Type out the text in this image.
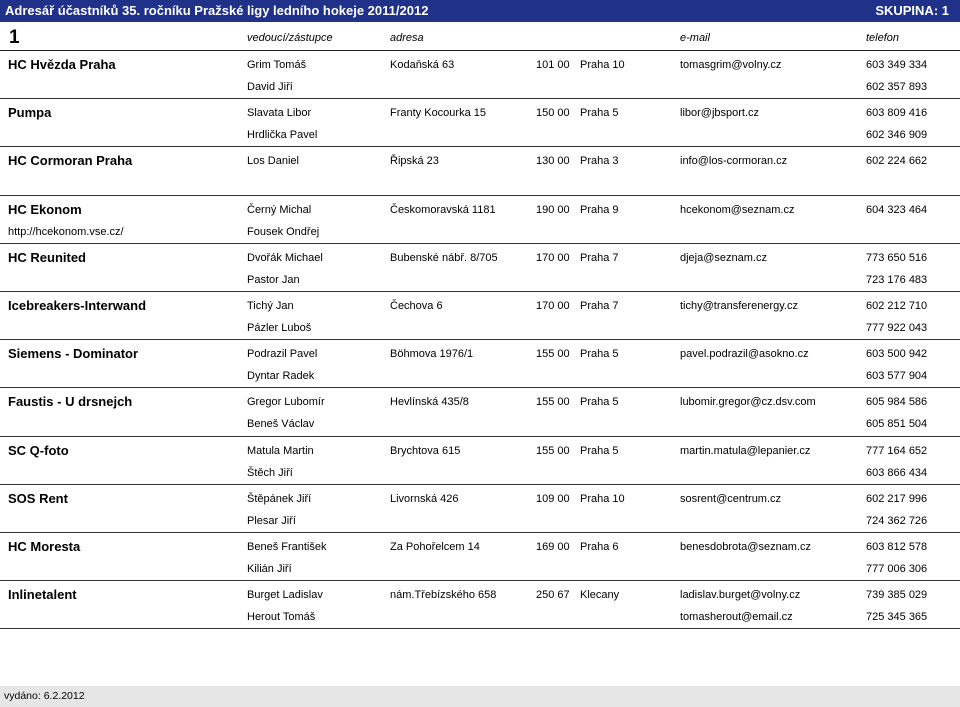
Adresář účastníků 35. ročníku Pražské ligy ledního hokeje 2011/2012	SKUPINA: 1
1	vedoucí/zástupce	adresa	e-mail	telefon
HC Hvězda Praha	Grim Tomáš	Kodaňská 63	101 00 Praha 10	tomasgrim@volny.cz	603 349 334
David Jiří	602 357 893
Pumpa	Slavata Libor	Franty Kocourka 15	150 00 Praha 5	libor@jbsport.cz	603 809 416
Hrdlička Pavel	602 346 909
HC Cormoran Praha	Los Daniel	Řipská 23	130 00 Praha 3	info@los-cormoran.cz	602 224 662
HC Ekonom	Černý Michal	Českomoravská 1181	190 00 Praha 9	hcekonom@seznam.cz	604 323 464
http://hcekonom.vse.cz/	Fousek Ondřej
HC Reunited	Dvořák Michael	Bubenské nábř. 8/705	170 00 Praha 7	djeja@seznam.cz	773 650 516
Pastor Jan	723 176 483
Icebreakers-Interwand	Tichý Jan	Čechova 6	170 00 Praha 7	tichy@transferenergy.cz	602 212 710
Pázler Luboš	777 922 043
Siemens - Dominator	Podrazil Pavel	Böhmova 1976/1	155 00 Praha 5	pavel.podrazil@asokno.cz	603 500 942
Dyntar Radek	603 577 904
Faustis - U drsnejch	Gregor Lubomír	Hevlínská 435/8	155 00 Praha 5	lubomir.gregor@cz.dsv.com	605 984 586
Beneš Václav	605 851 504
SC Q-foto	Matula Martin	Brychtova 615	155 00 Praha 5	martin.matula@lepanier.cz	777 164 652
Štěch Jiří	603 866 434
SOS Rent	Štěpánek Jiří	Livornská 426	109 00 Praha 10	sosrent@centrum.cz	602 217 996
Plesar Jiří	724 362 726
HC Moresta	Beneš František	Za Pohořelcem 14	169 00 Praha 6	benesdobrota@seznam.cz	603 812 578
Kilián Jiří	777 006 306
Inlinetalent	Burget Ladislav	nám.Třebízského 658	250 67 Klecany	ladislav.burget@volny.cz	739 385 029
Herout Tomáš	tomasherout@email.cz	725 345 365
vydáno: 6.2.2012
